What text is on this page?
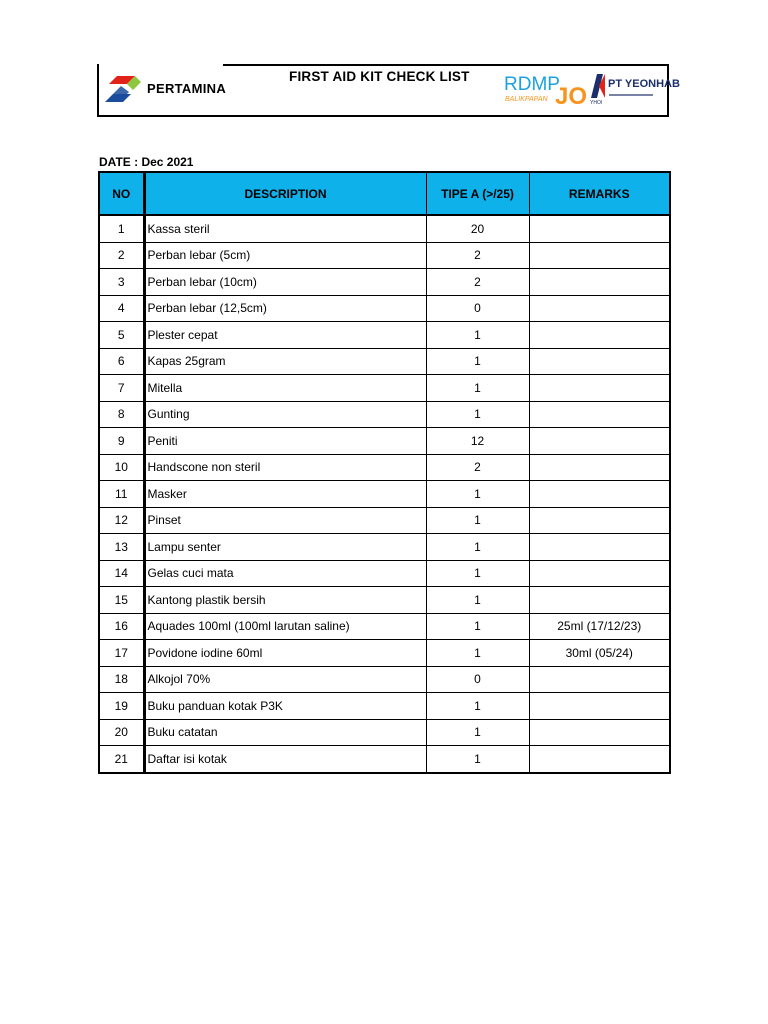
PERTAMINA
FIRST AID KIT CHECK LIST RDMP
BALIKPAPAN JO YHOI
PT YEONHAB
DATE : Dec 2021
NO	DESCRIPTION	TIPE A (>/25)	REMARKS
1	Kassa steril	20	
2	Perban lebar (5cm)	2	
3	Perban lebar (10cm)	2	
4	Perban lebar (12,5cm)	0	
5	Plester cepat	1	
6	Kapas 25gram	1	
7	Mitella	1	
8	Gunting	1	
9	Peniti	12	
10	Handscone non steril	2	
11	Masker	1	
12	Pinset	1	
13	Lampu senter	1	
14	Gelas cuci mata	1	
15	Kantong plastik bersih	1	
16	Aquades 100ml (100ml larutan saline)	1	25ml (17/12/23)
17	Povidone iodine 60ml	1	30ml (05/24)
18	Alkojol 70%	0	
19	Buku panduan kotak P3K	1	
20	Buku catatan	1	
21	Daftar isi kotak	1	
